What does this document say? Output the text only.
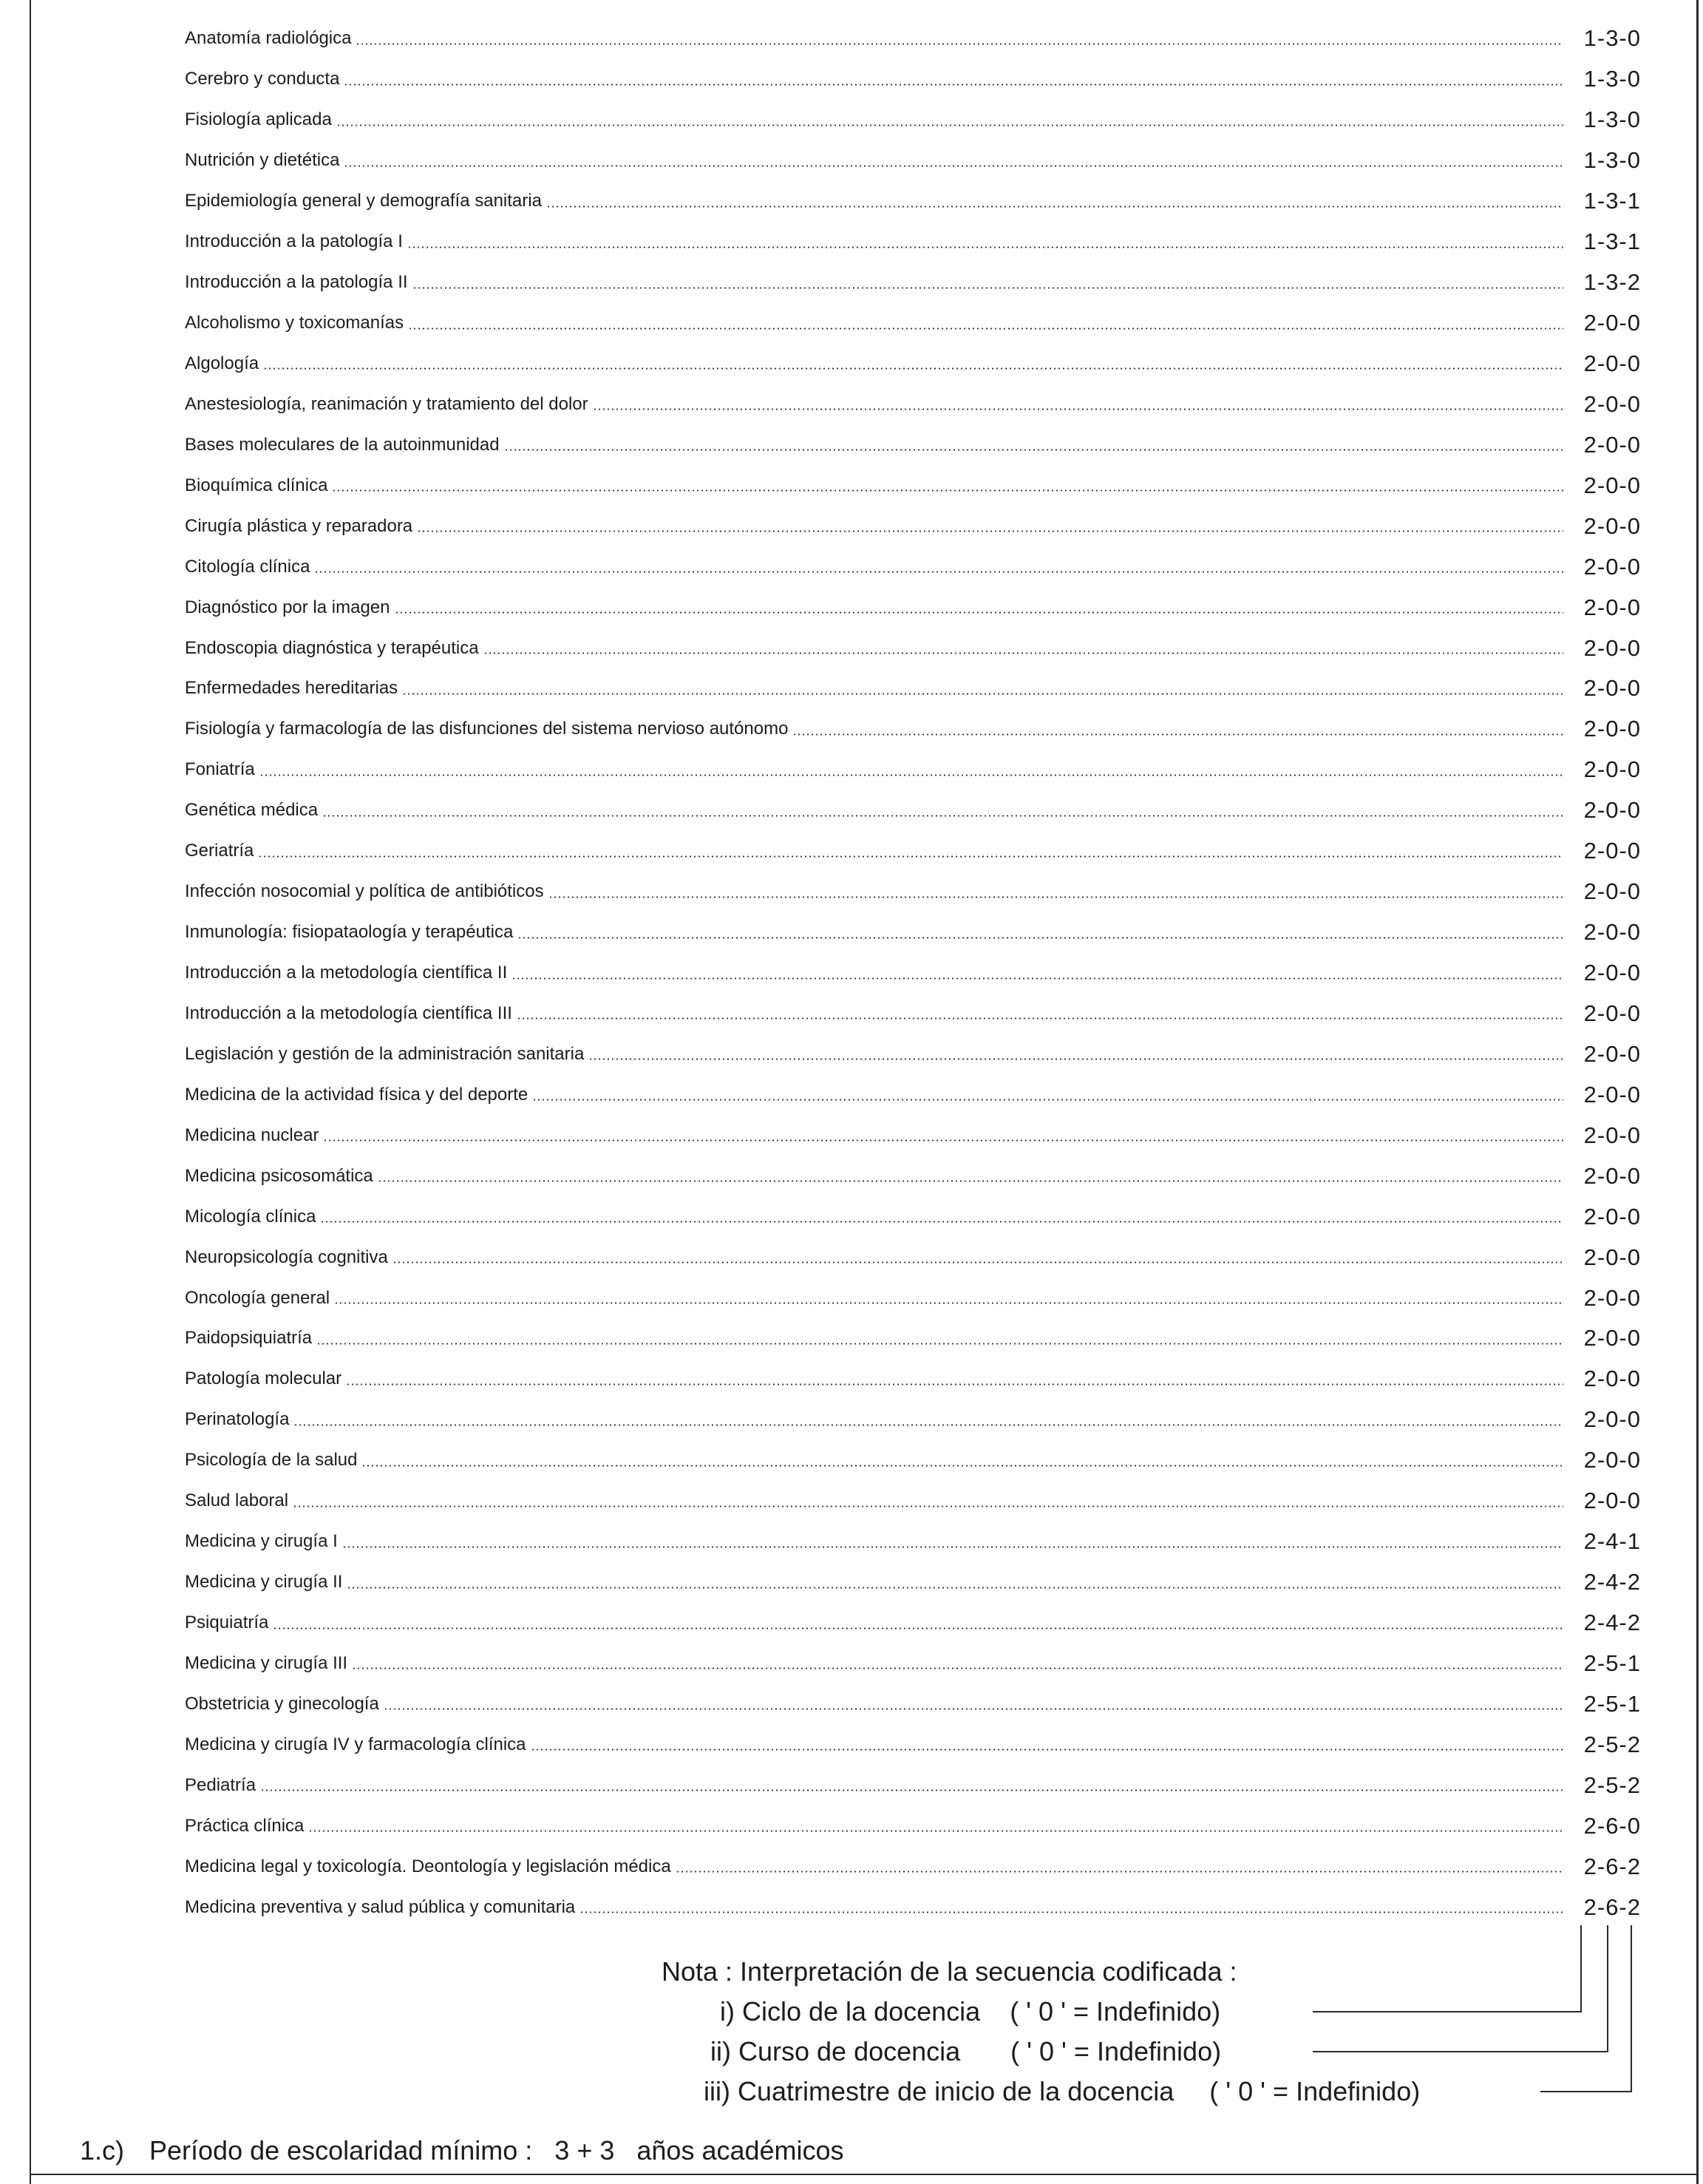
Anatomía radiológica	1-3-0
Cerebro y conducta	1-3-0
Fisiología aplicada	1-3-0
Nutrición y dietética	1-3-0
Epidemiología general y demografía sanitaria	1-3-1
Introducción a la patología I	1-3-1
Introducción a la patología II	1-3-2
Alcoholismo y toxicomanías	2-0-0
Algología	2-0-0
Anestesiología, reanimación y tratamiento del dolor	2-0-0
Bases moleculares de la autoinmunidad	2-0-0
Bioquímica clínica	2-0-0
Cirugía plástica y reparadora	2-0-0
Citología clínica	2-0-0
Diagnóstico por la imagen	2-0-0
Endoscopia diagnóstica y terapéutica	2-0-0
Enfermedades hereditarias	2-0-0
Fisiología y farmacología de las disfunciones del sistema nervioso autónomo	2-0-0
Foniatría	2-0-0
Genética médica	2-0-0
Geriatría	2-0-0
Infección nosocomial y política de antibióticos	2-0-0
Inmunología: fisiopataología y terapéutica	2-0-0
Introducción a la metodología científica II	2-0-0
Introducción a la metodología científica III	2-0-0
Legislación y gestión de la administración sanitaria	2-0-0
Medicina de la actividad física y del deporte	2-0-0
Medicina nuclear	2-0-0
Medicina psicosomática	2-0-0
Micología clínica	2-0-0
Neuropsicología cognitiva	2-0-0
Oncología general	2-0-0
Paidopsiquiatría	2-0-0
Patología molecular	2-0-0
Perinatología	2-0-0
Psicología de la salud	2-0-0
Salud laboral	2-0-0
Medicina y cirugía I	2-4-1
Medicina y cirugía II	2-4-2
Psiquiatría	2-4-2
Medicina y cirugía III	2-5-1
Obstetricia y ginecología	2-5-1
Medicina y cirugía IV y farmacología clínica	2-5-2
Pediatría	2-5-2
Práctica clínica	2-6-0
Medicina legal y toxicología. Deontología y legislación médica	2-6-2
Medicina preventiva y salud pública y comunitaria	2-6-2
Nota : Interpretación de la secuencia codificada :
i) Ciclo de la docencia ( ' 0 ' = Indefinido)
ii) Curso de docencia ( ' 0 ' = Indefinido)
iii) Cuatrimestre de inicio de la docencia ( ' 0 ' = Indefinido)
1.c) Período de escolaridad mínimo : 3 + 3 años académicos
